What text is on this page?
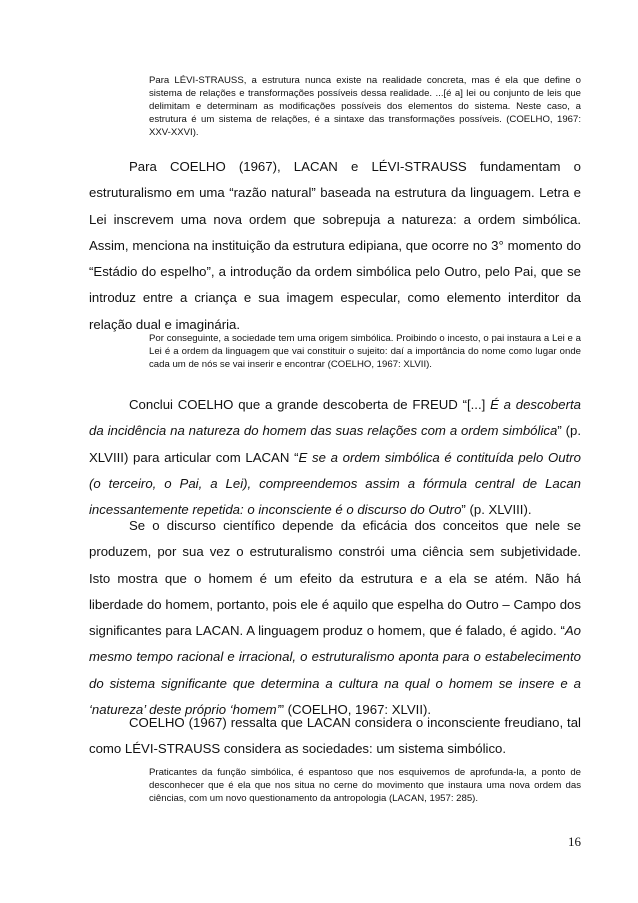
Para LÉVI-STRAUSS, a estrutura nunca existe na realidade concreta, mas é ela que define o sistema de relações e transformações possíveis dessa realidade. ...[é a] lei ou conjunto de leis que delimitam e determinam as modificações possíveis dos elementos do sistema. Neste caso, a estrutura é um sistema de relações, é a sintaxe das transformações possíveis. (COELHO, 1967: XXV-XXVI).

Para COELHO (1967), LACAN e LÉVI-STRAUSS fundamentam o estruturalismo em uma “razão natural” baseada na estrutura da linguagem. Letra e Lei inscrevem uma nova ordem que sobrepuja a natureza: a ordem simbólica. Assim, menciona na instituição da estrutura edipiana, que ocorre no 3° momento do “Estádio do espelho”, a introdução da ordem simbólica pelo Outro, pelo Pai, que se introduz entre a criança e sua imagem especular, como elemento interditor da relação dual e imaginária.

Por conseguinte, a sociedade tem uma origem simbólica. Proibindo o incesto, o pai instaura a Lei e a Lei é a ordem da linguagem que vai constituir o sujeito: daí a importância do nome como lugar onde cada um de nós se vai inserir e encontrar (COELHO, 1967: XLVII).

Conclui COELHO que a grande descoberta de FREUD “[...] É a descoberta da incidência na natureza do homem das suas relações com a ordem simbólica” (p. XLVIII) para articular com LACAN “E se a ordem simbólica é contituída pelo Outro (o terceiro, o Pai, a Lei), compreendemos assim a fórmula central de Lacan incessantemente repetida: o inconsciente é o discurso do Outro” (p. XLVIII).

Se o discurso científico depende da eficácia dos conceitos que nele se produzem, por sua vez o estruturalismo constrói uma ciência sem subjetividade. Isto mostra que o homem é um efeito da estrutura e a ela se atém. Não há liberdade do homem, portanto, pois ele é aquilo que espelha do Outro – Campo dos significantes para LACAN. A linguagem produz o homem, que é falado, é agido. “Ao mesmo tempo racional e irracional, o estruturalismo aponta para o estabelecimento do sistema significante que determina a cultura na qual o homem se insere e a ‘natureza’ deste próprio ‘homem’” (COELHO, 1967: XLVII).

COELHO (1967) ressalta que LACAN considera o inconsciente freudiano, tal como LÉVI-STRAUSS considera as sociedades: um sistema simbólico.

Praticantes da função simbólica, é espantoso que nos esquivemos de aprofunda-la, a ponto de desconhecer que é ela que nos situa no cerne do movimento que instaura uma nova ordem das ciências, com um novo questionamento da antropologia (LACAN, 1957: 285).

16
